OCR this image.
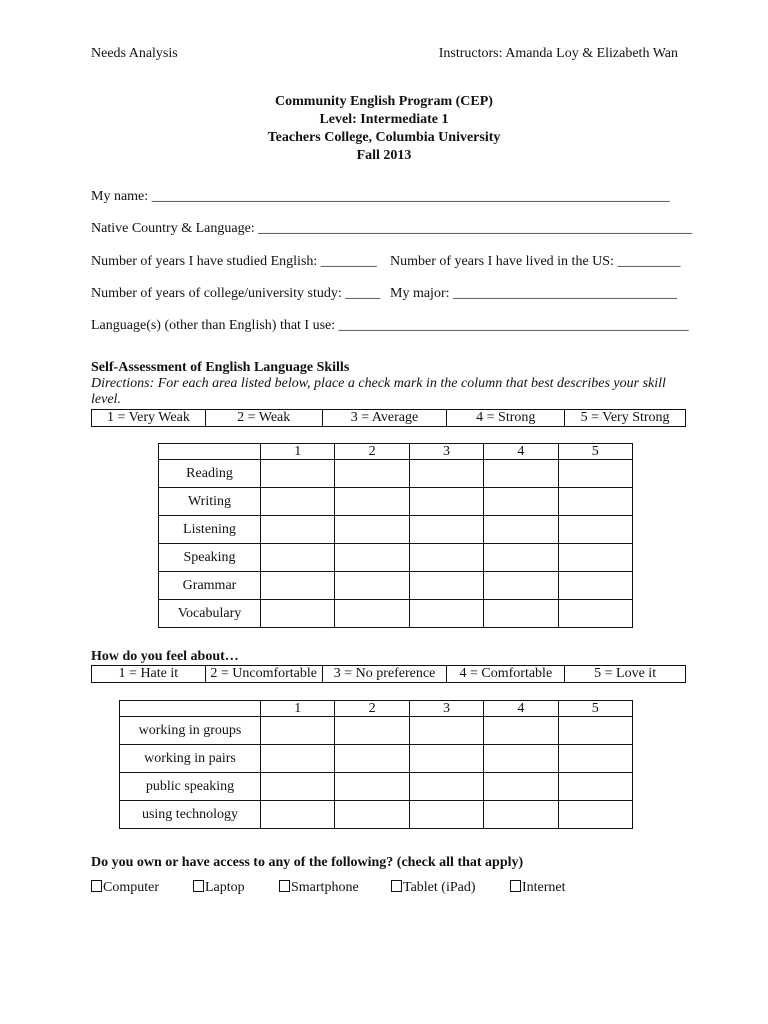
Needs Analysis	Instructors: Amanda Loy & Elizabeth Wan
Community English Program (CEP)
Level: Intermediate 1
Teachers College, Columbia University
Fall 2013
My name: __________________________________________________________________________
Native Country & Language: ______________________________________________________________
Number of years I have studied English: ________ Number of years I have lived in the US: _________
Number of years of college/university study: _____ My major: ________________________________
Language(s) (other than English) that I use: __________________________________________________
Self-Assessment of English Language Skills
Directions: For each area listed below, place a check mark in the column that best describes your skill level.
1 = Very Weak	2 = Weak	3 = Average	4 = Strong	5 = Very Strong
	1	2	3	4	5
Reading					
Writing					
Listening					
Speaking					
Grammar					
Vocabulary					
How do you feel about…
1 = Hate it	2 = Uncomfortable	3 = No preference	4 = Comfortable	5 = Love it
	1	2	3	4	5
working in groups					
working in pairs					
public speaking					
using technology					
Do you own or have access to any of the following? (check all that apply)
Computer	Laptop	Smartphone	Tablet (iPad)	Internet
